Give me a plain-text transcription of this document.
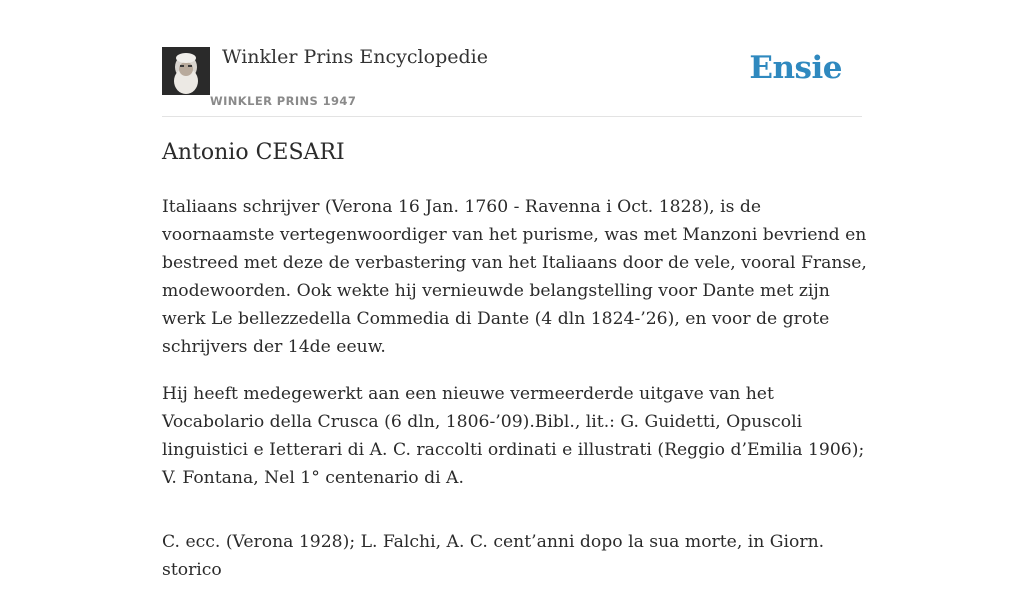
Winkler Prins Encyclopedie
WINKLER PRINS 1947
Ensie
Antonio CESARI

Italiaans schrijver (Verona 16 Jan. 1760 - Ravenna i Oct. 1828), is de voornaamste vertegenwoordiger van het purisme, was met Manzoni bevriend en bestreed met deze de verbastering van het Italiaans door de vele, vooral Franse, modewoorden. Ook wekte hij vernieuwde belangstelling voor Dante met zijn werk Le bellezzedella Commedia di Dante (4 dln 1824-’26), en voor de grote schrijvers der 14de eeuw.

Hij heeft medegewerkt aan een nieuwe vermeerderde uitgave van het Vocabolario della Crusca (6 dln, 1806-’09).Bibl., lit.: G. Guidetti, Opuscoli linguistici e Ietterari di A. C. raccolti ordinati e illustrati (Reggio d’Emilia 1906); V. Fontana, Nel 1° centenario di A.

C. ecc. (Verona 1928); L. Falchi, A. C. cent’anni dopo la sua morte, in Giorn. storico
